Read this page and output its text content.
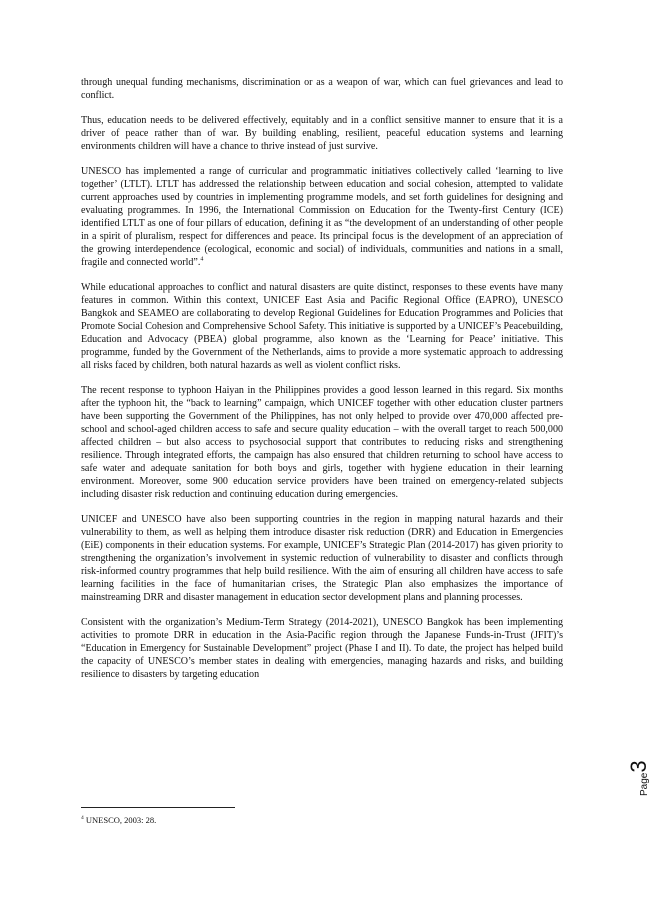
through unequal funding mechanisms, discrimination or as a weapon of war, which can fuel grievances and lead to conflict.

Thus, education needs to be delivered effectively, equitably and in a conflict sensitive manner to ensure that it is a driver of peace rather than of war. By building enabling, resilient, peaceful education systems and learning environments children will have a chance to thrive instead of just survive.

UNESCO has implemented a range of curricular and programmatic initiatives collectively called ‘learning to live together’ (LTLT). LTLT has addressed the relationship between education and social cohesion, attempted to validate current approaches used by countries in implementing programme models, and set forth guidelines for designing and evaluating programmes. In 1996, the International Commission on Education for the Twenty-first Century (ICE) identified LTLT as one of four pillars of education, defining it as “the development of an understanding of other people in a spirit of pluralism, respect for differences and peace. Its principal focus is the development of an appreciation of the growing interdependence (ecological, economic and social) of individuals, communities and nations in a small, fragile and connected world”.$^4$

While educational approaches to conflict and natural disasters are quite distinct, responses to these events have many features in common. Within this context, UNICEF East Asia and Pacific Regional Office (EAPRO), UNESCO Bangkok and SEAMEO are collaborating to develop Regional Guidelines for Education Programmes and Policies that Promote Social Cohesion and Comprehensive School Safety. This initiative is supported by a UNICEF’s Peacebuilding, Education and Advocacy (PBEA) global programme, also known as the ‘Learning for Peace’ initiative. This programme, funded by the Government of the Netherlands, aims to provide a more systematic approach to addressing all risks faced by children, both natural hazards as well as violent conflict risks.

The recent response to typhoon Haiyan in the Philippines provides a good lesson learned in this regard. Six months after the typhoon hit, the “back to learning” campaign, which UNICEF together with other education cluster partners have been supporting the Government of the Philippines, has not only helped to provide over 470,000 affected pre-school and school-aged children access to safe and secure quality education – with the overall target to reach 500,000 affected children – but also access to psychosocial support that contributes to reducing risks and strengthening resilience. Through integrated efforts, the campaign has also ensured that children returning to school have access to safe water and adequate sanitation for both boys and girls, together with hygiene education in their learning environment. Moreover, some 900 education service providers have been trained on emergency-related subjects including disaster risk reduction and continuing education during emergencies.

UNICEF and UNESCO have also been supporting countries in the region in mapping natural hazards and their vulnerability to them, as well as helping them introduce disaster risk reduction (DRR) and Education in Emergencies (EiE) components in their education systems. For example, UNICEF’s Strategic Plan (2014-2017) has given priority to strengthening the organization’s involvement in systemic reduction of vulnerability to disaster and conflicts through risk-informed country programmes that help build resilience. With the aim of ensuring all children have access to safe learning facilities in the face of humanitarian crises, the Strategic Plan also emphasizes the importance of mainstreaming DRR and disaster management in education sector development plans and planning processes.

Consistent with the organization’s Medium-Term Strategy (2014-2021), UNESCO Bangkok has been implementing activities to promote DRR in education in the Asia-Pacific region through the Japanese Funds-in-Trust (JFIT)’s “Education in Emergency for Sustainable Development” project (Phase I and II). To date, the project has helped build the capacity of UNESCO’s member states in dealing with emergencies, managing hazards and risks, and building resilience to disasters by targeting education

$^4$ UNESCO, 2003: 28.
Page
3
